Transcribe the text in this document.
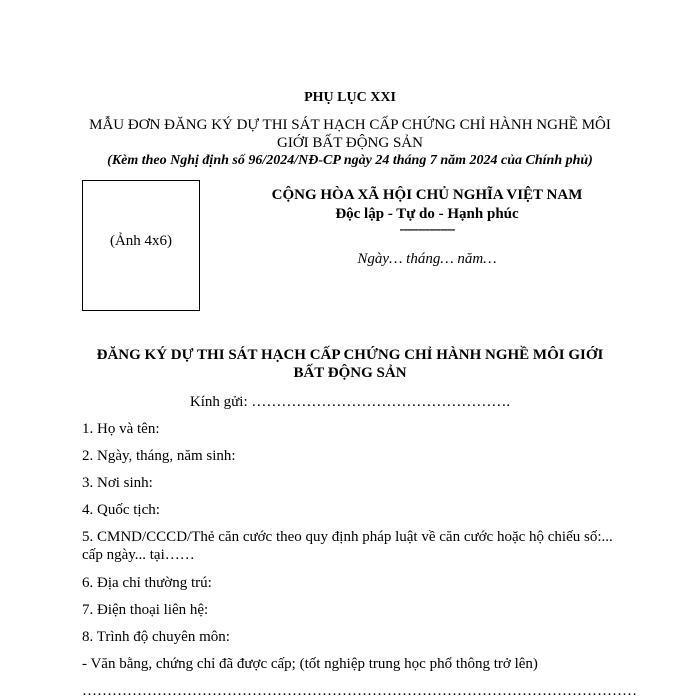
PHỤ LỤC XXI
MẪU ĐƠN ĐĂNG KÝ DỰ THI SÁT HẠCH CẤP CHỨNG CHỈ HÀNH NGHỀ MÔI
GIỚI BẤT ĐỘNG SẢN
(Kèm theo Nghị định số 96/2024/NĐ-CP ngày 24 tháng 7 năm 2024 của Chính phủ)
(Ảnh 4x6)
CỘNG HÒA XÃ HỘI CHỦ NGHĨA VIỆT NAM
Độc lập - Tự do - Hạnh phúc
---------------
Ngày… tháng… năm…
ĐĂNG KÝ DỰ THI SÁT HẠCH CẤP CHỨNG CHỈ HÀNH NGHỀ MÔI GIỚI
BẤT ĐỘNG SẢN
Kính gửi: …………………………………………….
1. Họ và tên:
2. Ngày, tháng, năm sinh:
3. Nơi sinh:
4. Quốc tịch:
5. CMND/CCCD/Thẻ căn cước theo quy định pháp luật về căn cước hoặc hộ chiếu số:...
cấp ngày... tại……
6. Địa chỉ thường trú:
7. Điện thoại liên hệ:
8. Trình độ chuyên môn:
- Văn bằng, chứng chỉ đã được cấp; (tốt nghiệp trung học phổ thông trở lên)
…………………………………………………………………………………………………
